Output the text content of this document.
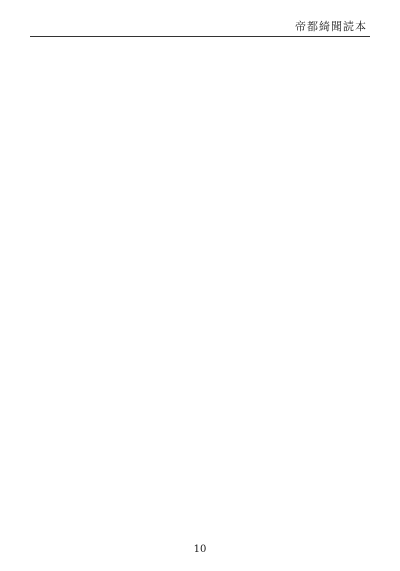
帝都綺聞読本
10
